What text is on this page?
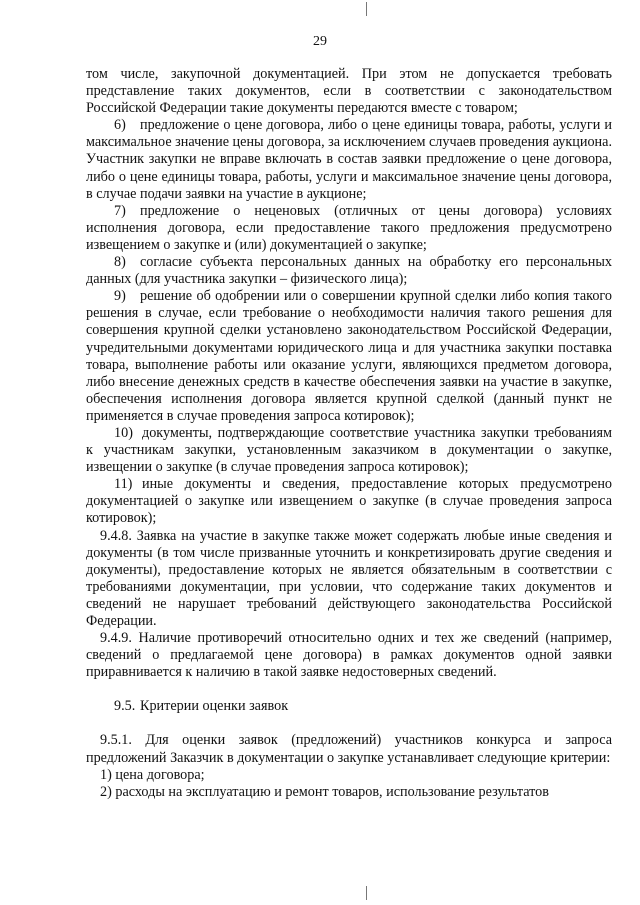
29

том числе, закупочной документацией. При этом не допускается требовать представление таких документов, если в соответствии с законодательством Российской Федерации такие документы передаются вместе с товаром;

6) предложение о цене договора, либо о цене единицы товара, работы, услуги и максимальное значение цены договора, за исключением случаев проведения аукциона. Участник закупки не вправе включать в состав заявки предложение о цене договора, либо о цене единицы товара, работы, услуги и максимальное значение цены договора, в случае подачи заявки на участие в аукционе;

7) предложение о неценовых (отличных от цены договора) условиях исполнения договора, если предоставление такого предложения предусмотрено извещением о закупке и (или) документацией о закупке;

8) согласие субъекта персональных данных на обработку его персональных данных (для участника закупки – физического лица);

9) решение об одобрении или о совершении крупной сделки либо копия такого решения в случае, если требование о необходимости наличия такого решения для совершения крупной сделки установлено законодательством Российской Федерации, учредительными документами юридического лица и для участника закупки поставка товара, выполнение работы или оказание услуги, являющихся предметом договора, либо внесение денежных средств в качестве обеспечения заявки на участие в закупке, обеспечения исполнения договора является крупной сделкой (данный пункт не применяется в случае проведения запроса котировок);

10) документы, подтверждающие соответствие участника закупки требованиям к участникам закупки, установленным заказчиком в документации о закупке, извещении о закупке (в случае проведения запроса котировок);

11) иные документы и сведения, предоставление которых предусмотрено документацией о закупке или извещением о закупке (в случае проведения запроса котировок);

9.4.8. Заявка на участие в закупке также может содержать любые иные сведения и документы (в том числе призванные уточнить и конкретизировать другие сведения и документы), предоставление которых не является обязательным в соответствии с требованиями документации, при условии, что содержание таких документов и сведений не нарушает требований действующего законодательства Российской Федерации.

9.4.9. Наличие противоречий относительно одних и тех же сведений (например, сведений о предлагаемой цене договора) в рамках документов одной заявки приравнивается к наличию в такой заявке недостоверных сведений.

9.5. Критерии оценки заявок

9.5.1. Для оценки заявок (предложений) участников конкурса и запроса предложений Заказчик в документации о закупке устанавливает следующие критерии:

1) цена договора;

2) расходы на эксплуатацию и ремонт товаров, использование результатов
